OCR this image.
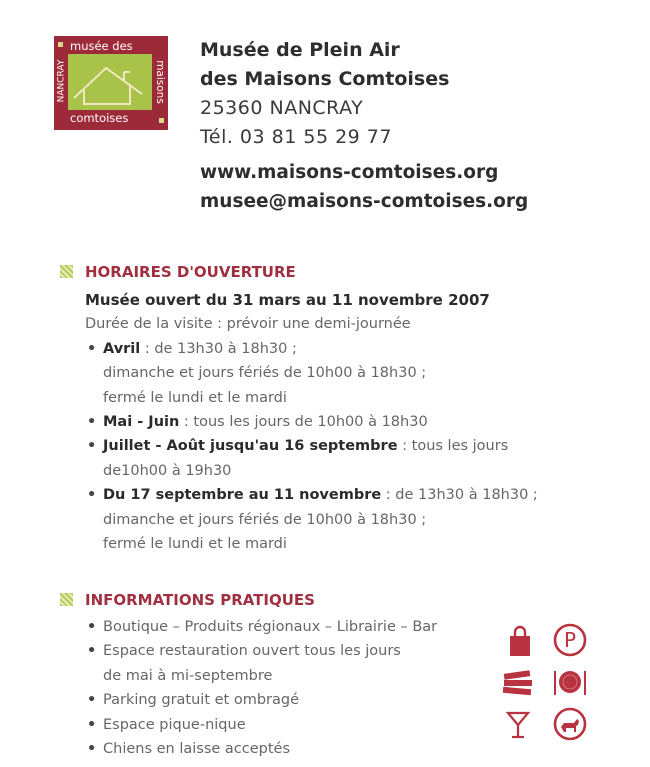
musée des
NANCRAY	maisons
comtoises
Musée de Plein Air
des Maisons Comtoises
25360 NANCRAY
Tél. 03 81 55 29 77
www.maisons-comtoises.org
musee@maisons-comtoises.org
HORAIRES D'OUVERTURE
Musée ouvert du 31 mars au 11 novembre 2007
Durée de la visite : prévoir une demi-journée
• Avril : de 13h30 à 18h30 ;
dimanche et jours fériés de 10h00 à 18h30 ;
fermé le lundi et le mardi
• Mai - Juin : tous les jours de 10h00 à 18h30
• Juillet - Août jusqu'au 16 septembre : tous les jours
de10h00 à 19h30
• Du 17 septembre au 11 novembre : de 13h30 à 18h30 ;
dimanche et jours fériés de 10h00 à 18h30 ;
fermé le lundi et le mardi
INFORMATIONS PRATIQUES
• Boutique – Produits régionaux – Librairie – Bar
• Espace restauration ouvert tous les jours
de mai à mi-septembre
• Parking gratuit et ombragé
• Espace pique-nique
• Chiens en laisse acceptés
P
